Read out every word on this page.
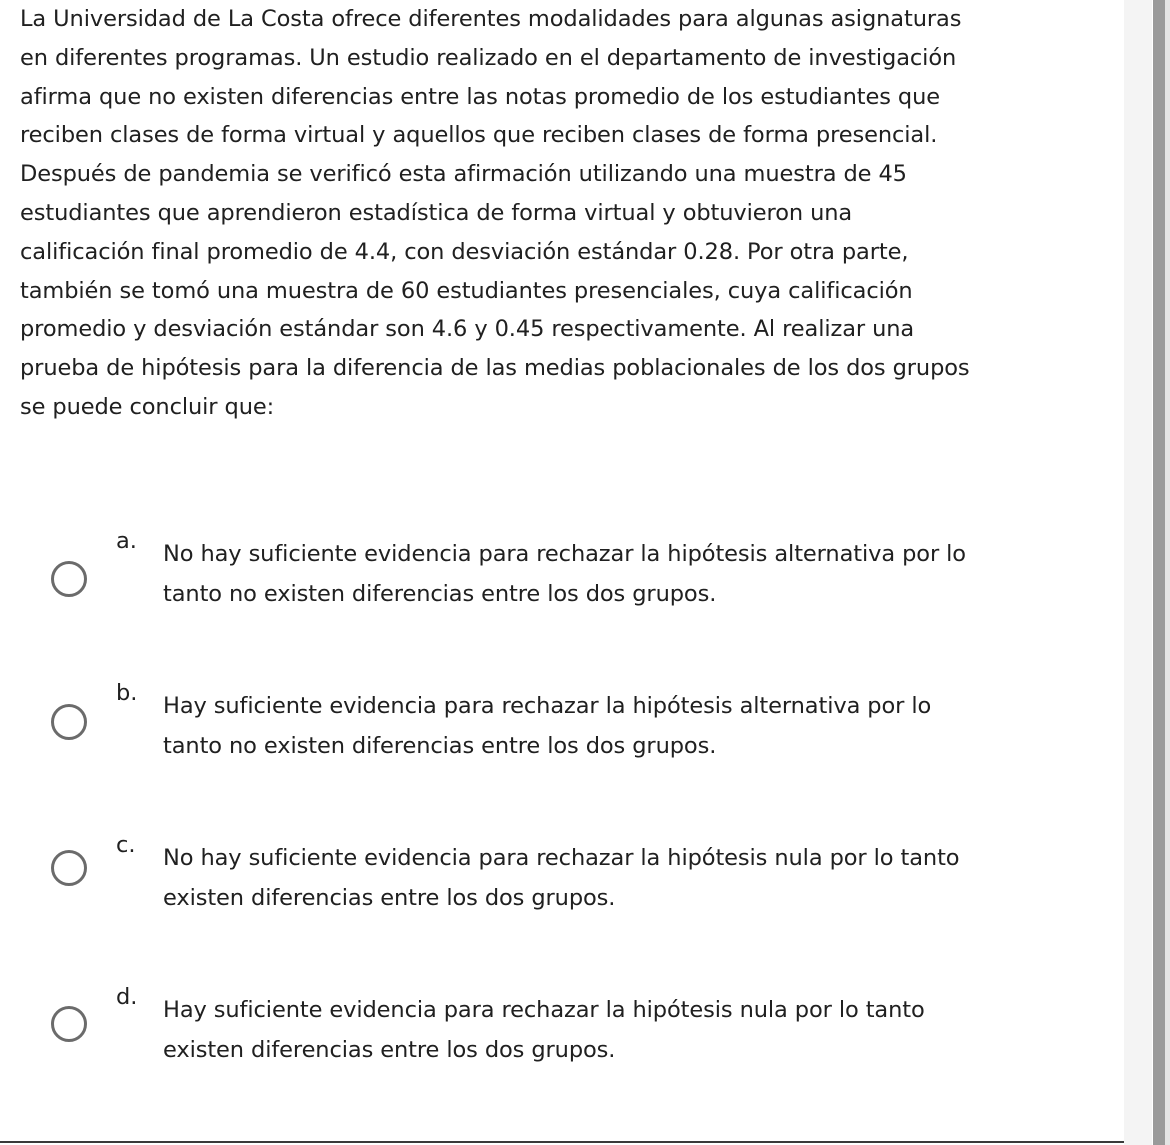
La Universidad de La Costa ofrece diferentes modalidades para algunas asignaturas
en diferentes programas. Un estudio realizado en el departamento de investigación
afirma que no existen diferencias entre las notas promedio de los estudiantes que
reciben clases de forma virtual y aquellos que reciben clases de forma presencial.
Después de pandemia se verificó esta afirmación utilizando una muestra de 45
estudiantes que aprendieron estadística de forma virtual y obtuvieron una
calificación final promedio de 4.4, con desviación estándar 0.28. Por otra parte,
también se tomó una muestra de 60 estudiantes presenciales, cuya calificación
promedio y desviación estándar son 4.6 y 0.45 respectivamente. Al realizar una
prueba de hipótesis para la diferencia de las medias poblacionales de los dos grupos
se puede concluir que:

a. No hay suficiente evidencia para rechazar la hipótesis alternativa por lo
tanto no existen diferencias entre los dos grupos.
b. Hay suficiente evidencia para rechazar la hipótesis alternativa por lo
tanto no existen diferencias entre los dos grupos.
c. No hay suficiente evidencia para rechazar la hipótesis nula por lo tanto
existen diferencias entre los dos grupos.
d. Hay suficiente evidencia para rechazar la hipótesis nula por lo tanto
existen diferencias entre los dos grupos.
